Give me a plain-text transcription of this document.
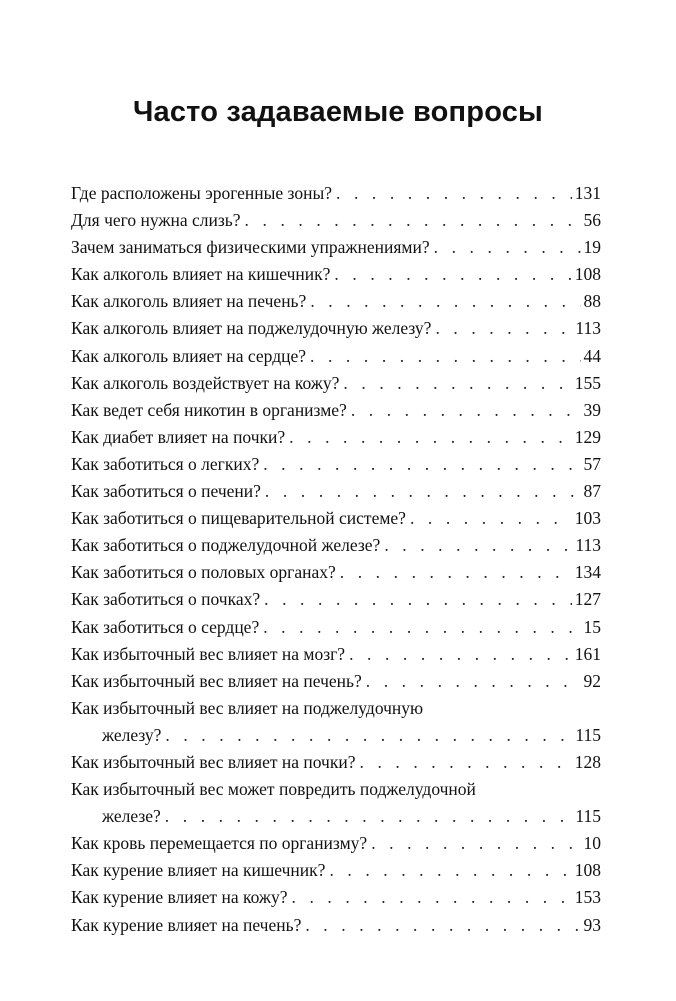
Часто задаваемые вопросы
Где расположены эрогенные зоны? . . .	131
Для чего нужна слизь? . . .	56
Зачем заниматься физическими упражнениями? . . .	19
Как алкоголь влияет на кишечник? . . .	108
Как алкоголь влияет на печень? . . .	88
Как алкоголь влияет на поджелудочную железу? . . .	113
Как алкоголь влияет на сердце? . . .	44
Как алкоголь воздействует на кожу? . . .	155
Как ведет себя никотин в организме? . . .	39
Как диабет влияет на почки? . . .	129
Как заботиться о легких? . . .	57
Как заботиться о печени? . . .	87
Как заботиться о пищеварительной системе? . . .	103
Как заботиться о поджелудочной железе? . . .	113
Как заботиться о половых органах? . . .	134
Как заботиться о почках? . . .	127
Как заботиться о сердце? . . .	15
Как избыточный вес влияет на мозг? . . .	161
Как избыточный вес влияет на печень? . . .	92
Как избыточный вес влияет на поджелудочную
железу? . . .	115
Как избыточный вес влияет на почки? . . .	128
Как избыточный вес может повредить поджелудочной
железе? . . .	115
Как кровь перемещается по организму? . . .	10
Как курение влияет на кишечник? . . .	108
Как курение влияет на кожу? . . .	153
Как курение влияет на печень? . . .	93
